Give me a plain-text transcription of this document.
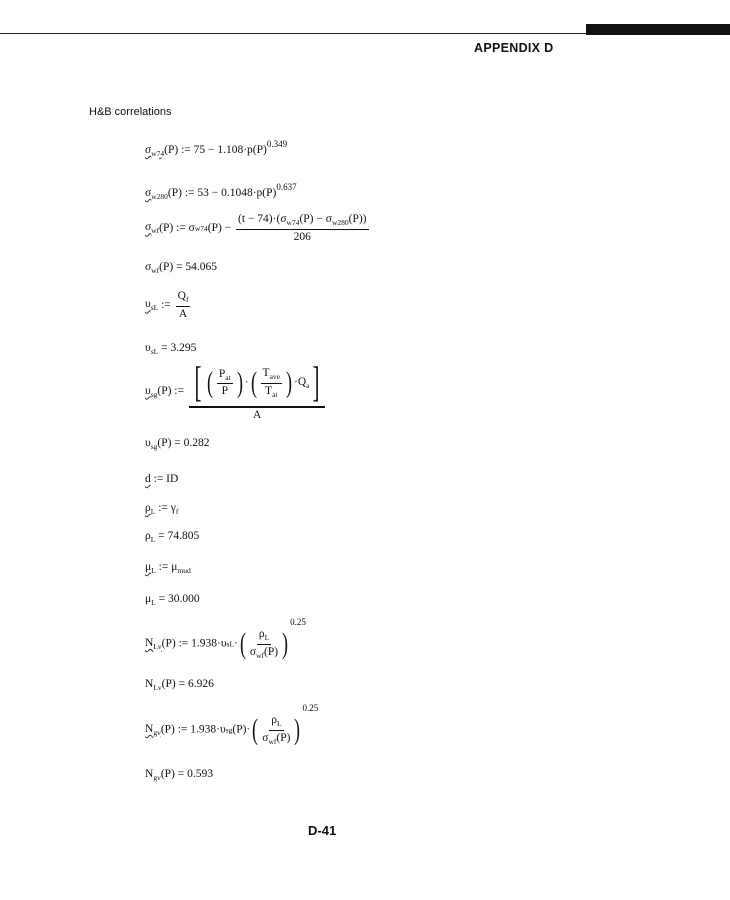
APPENDIX D
H&B correlations
$\sigma_{w74}(P)$ := $75 - 1.108\cdot p(P)^{0.349}$
$\sigma_{w280}(P)$ := $53 - 0.1048\cdot p(P)^{0.637}$
$\sigma_{wf}(P)$ := $\sigma w74(P) - \frac{(t - 74)\cdot(\sigma_{w74}(P) - \sigma_{w280}(P))}{206}$
$\sigma_{wf}(P) = 54.065$
$\upsilon_{sL}$ := $\frac{Q_f}{A}$
$\upsilon_{sL} = 3.295$
$\upsilon_{sg}(P)$ := $\frac{[ ( \frac{P_{at}}{P} ) \cdot( \frac{T_{ave}}{T_{at}} ) \cdot Q_a]}{A}$
$\upsilon_{sg}(P) = 0.282$
d := ID
$\rho_L$ := $\gamma_f$
$\rho_L = 74.805$
$\mu_L$ := $\mu_{mud}$
$\mu_L = 30.000$
$N_{Lv}(P)$ := $1.938\cdot\upsilon sL\cdot( \frac{\rho_L}{\sigma_{wf}(P)} )^{0.25}$
$N_{Lv}(P) = 6.926$
$N_{gv}(P)$ := $1.938\cdot\upsilon sg(P)\cdot( \frac{\rho_L}{\sigma_{wf}(P)} )^{0.25}$
$N_{gv}(P) = 0.593$
D-41
